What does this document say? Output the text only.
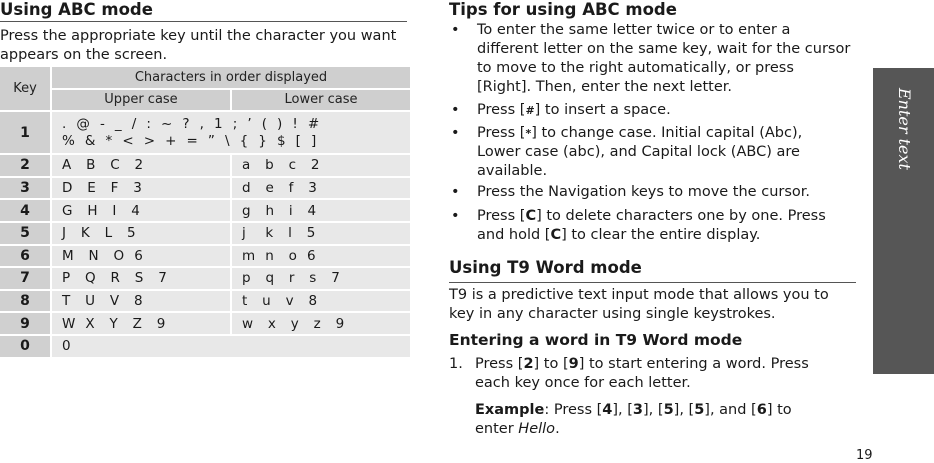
Using ABC mode
Press the appropriate key until the character you want
appears on the screen.
Key	Characters in order displayed	
	Upper case	Lower case
1	.  @  -  _  /  :  ~  ?  ,  1  ;  ’  (  )  !  #
%  &  *  <  >  +  =  ”  \  {  }  $  [  ]	

2	A   B   C   2	a   b   c   2
3	D   E   F   3	d   e   f   3
4	G   H   I   4	g   h   i   4
5	J   K   L   5	j    k   l   5
6	M   N   O  6	m  n   o  6
7	P   Q   R   S   7	p   q   r   s   7
8	T   U   V   8	t   u   v   8
9	W  X   Y   Z   9	w   x   y   z   9
0	0	
Tips for using ABC mode
• To enter the same letter twice or to enter a
different letter on the same key, wait for the cursor
to move to the right automatically, or press
[Right]. Then, enter the next letter.
• Press [#] to insert a space.
• Press [*] to change case. Initial capital (Abc),
Lower case (abc), and Capital lock (ABC) are
available.
• Press the Navigation keys to move the cursor.
• Press [C] to delete characters one by one. Press
and hold [C] to clear the entire display.
Using T9 Word mode
T9 is a predictive text input mode that allows you to
key in any character using single keystrokes.
Entering a word in T9 Word mode
1. Press [2] to [9] to start entering a word. Press
each key once for each letter.
Example: Press [4], [3], [5], [5], and [6] to
enter Hello.
Enter text
19
